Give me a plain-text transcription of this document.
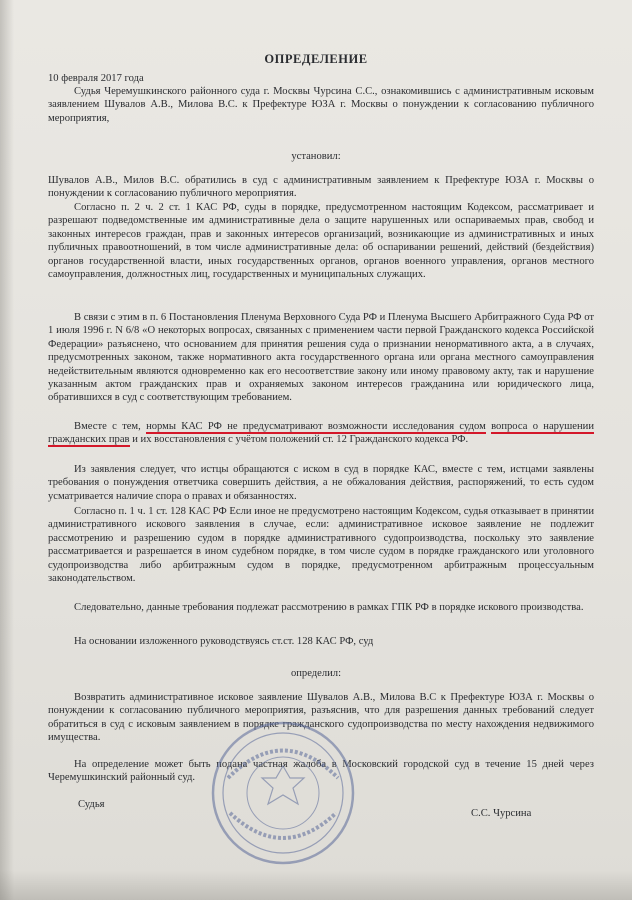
ОПРЕДЕЛЕНИЕ
10 февраля 2017 года
Судья Черемушкинского районного суда г. Москвы Чурсина С.С., ознакомившись с административным исковым заявлением Шувалов А.В., Милова В.С. к Префектуре ЮЗА г. Москвы о понуждении к согласованию публичного мероприятия,
установил:
Шувалов А.В., Милов В.С. обратились в суд с административным заявлением к Префектуре ЮЗА г. Москвы о понуждении к согласованию публичного мероприятия.
Согласно п. 2 ч. 2 ст. 1 КАС РФ, суды в порядке, предусмотренном настоящим Кодексом, рассматривает и разрешают подведомственные им административные дела о защите нарушенных или оспариваемых прав, свобод и законных интересов граждан, прав и законных интересов организаций, возникающие из административных и иных публичных правоотношений, в том числе административные дела: об оспаривании решений, действий (бездействия) органов государственной власти, иных государственных органов, органов военного управления, органов местного самоуправления, должностных лиц, государственных и муниципальных служащих.
В связи с этим в п. 6 Постановления Пленума Верховного Суда РФ и Пленума Высшего Арбитражного Суда РФ от 1 июля 1996 г. N 6/8 «О некоторых вопросах, связанных с применением части первой Гражданского кодекса Российской Федерации» разъяснено, что основанием для принятия решения суда о признании ненормативного акта, а в случаях, предусмотренных законом, также нормативного акта государственного органа или органа местного самоуправления недействительным являются одновременно как его несоответствие закону или иному правовому акту, так и нарушение указанным актом гражданских прав и охраняемых законом интересов гражданина или юридического лица, обратившихся в суд с соответствующим требованием.
Вместе с тем, нормы КАС РФ не предусматривают возможности исследования судом вопроса о нарушении гражданских прав и их восстановления с учётом положений ст. 12 Гражданского кодекса РФ.
Из заявления следует, что истцы обращаются с иском в суд в порядке КАС, вместе с тем, истцами заявлены требования о понуждения ответчика совершить действия, а не обжалования действия, распоряжений, то есть судом усматривается наличие спора о правах и обязанностях.
Согласно п. 1 ч. 1 ст. 128 КАС РФ Если иное не предусмотрено настоящим Кодексом, судья отказывает в принятии административного искового заявления в случае, если: административное исковое заявление не подлежит рассмотрению и разрешению судом в порядке административного судопроизводства, поскольку это заявление рассматривается и разрешается в ином судебном порядке, в том числе судом в порядке гражданского или уголовного судопроизводства либо арбитражным судом в порядке, предусмотренном арбитражным процессуальным законодательством.
Следовательно, данные требования подлежат рассмотрению в рамках ГПК РФ в порядке искового производства.
На основании изложенного руководствуясь ст.ст. 128 КАС РФ, суд
определил:
Возвратить административное исковое заявление Шувалов А.В., Милова В.С к Префектуре ЮЗА г. Москвы о понуждении к согласованию публичного мероприятия, разъяснив, что для разрешения данных требований следует обратиться в суд с исковым заявлением в порядке гражданского судопроизводства по месту нахождения недвижимого имущества.
На определение может быть подана частная жалоба в Московский городской суд в течение 15 дней через Черемушкинский районный суд.
Судья
С.С. Чурсина
